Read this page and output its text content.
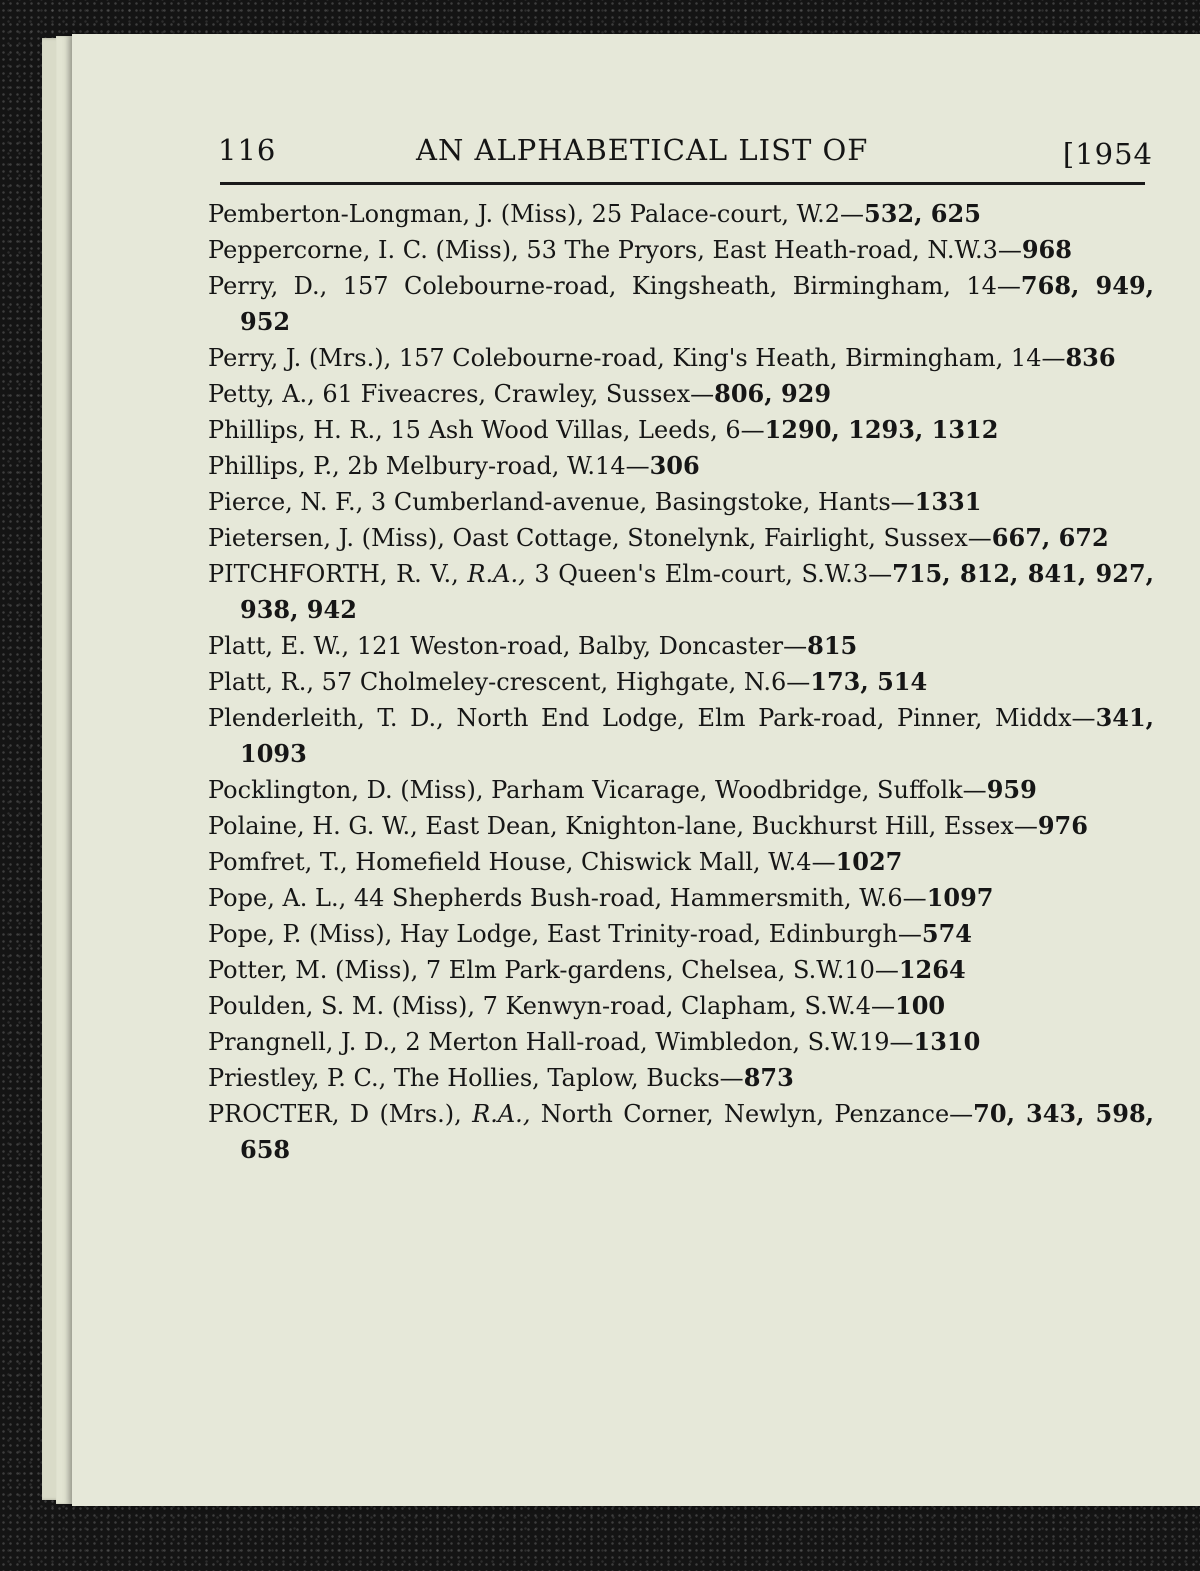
116	AN ALPHABETICAL LIST OF	[1954

Pemberton-Longman, J. (Miss), 25 Palace-court, W.2—532, 625

Peppercorne, I. C. (Miss), 53 The Pryors, East Heath-road, N.W.3—968

Perry, D., 157 Colebourne-road, Kingsheath, Birmingham, 14—768, 949, 952

Perry, J. (Mrs.), 157 Colebourne-road, King's Heath, Birmingham, 14—836

Petty, A., 61 Fiveacres, Crawley, Sussex—806, 929

Phillips, H. R., 15 Ash Wood Villas, Leeds, 6—1290, 1293, 1312

Phillips, P., 2b Melbury-road, W.14—306

Pierce, N. F., 3 Cumberland-avenue, Basingstoke, Hants—1331

Pietersen, J. (Miss), Oast Cottage, Stonelynk, Fairlight, Sussex—667, 672

PITCHFORTH, R. V., R.A., 3 Queen's Elm-court, S.W.3—715, 812, 841, 927, 938, 942

Platt, E. W., 121 Weston-road, Balby, Doncaster—815

Platt, R., 57 Cholmeley-crescent, Highgate, N.6—173, 514

Plenderleith, T. D., North End Lodge, Elm Park-road, Pinner, Middx—341, 1093

Pocklington, D. (Miss), Parham Vicarage, Woodbridge, Suffolk—959

Polaine, H. G. W., East Dean, Knighton-lane, Buckhurst Hill, Essex—976

Pomfret, T., Homefield House, Chiswick Mall, W.4—1027

Pope, A. L., 44 Shepherds Bush-road, Hammersmith, W.6—1097

Pope, P. (Miss), Hay Lodge, East Trinity-road, Edinburgh—574

Potter, M. (Miss), 7 Elm Park-gardens, Chelsea, S.W.10—1264

Poulden, S. M. (Miss), 7 Kenwyn-road, Clapham, S.W.4—100

Prangnell, J. D., 2 Merton Hall-road, Wimbledon, S.W.19—1310

Priestley, P. C., The Hollies, Taplow, Bucks—873

PROCTER, D (Mrs.), R.A., North Corner, Newlyn, Penzance—70, 343, 598, 658
